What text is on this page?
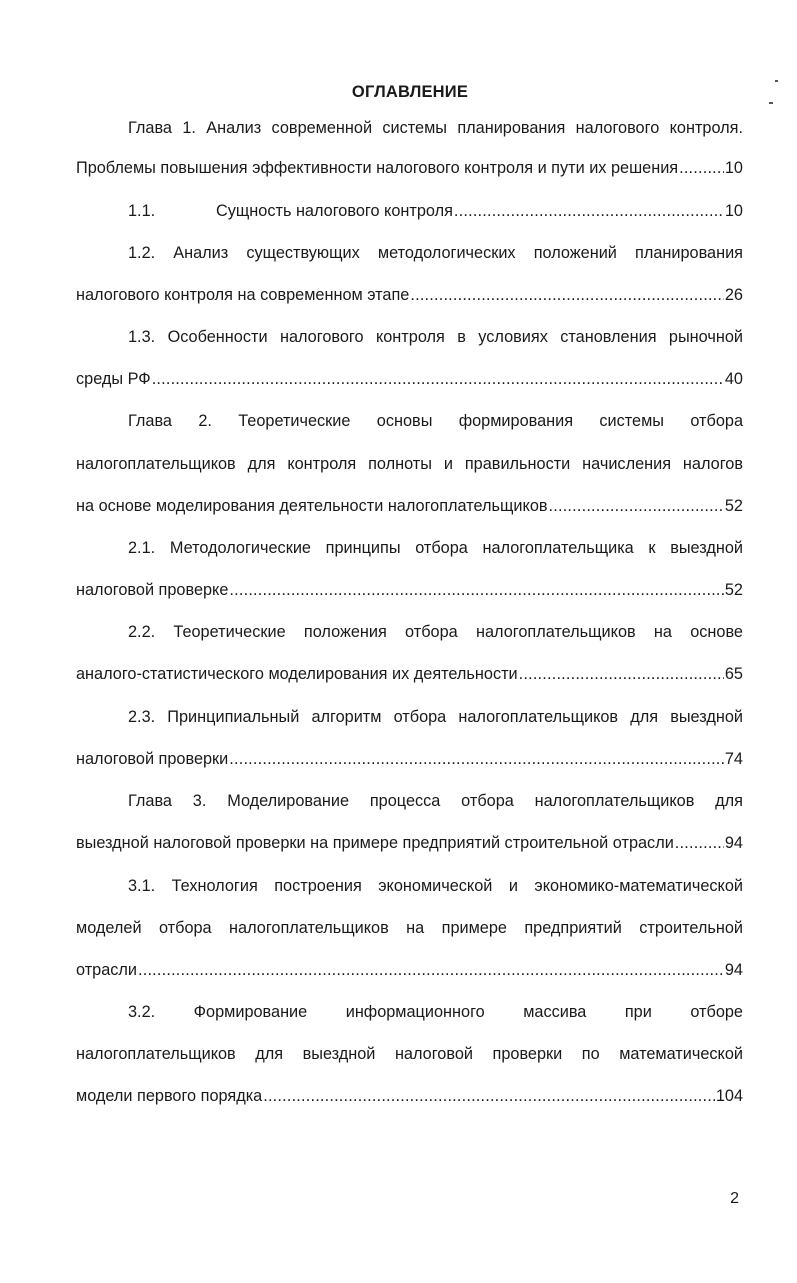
ОГЛАВЛЕНИЕ
Глава 1. Анализ современной системы планирования налогового контроля.
Проблемы повышения эффективности налогового контроля и пути их решения .....	10
1.1.	Сущность налогового контроля .....	10
1.2. Анализ существующих методологических положений планирования
налогового контроля на современном этапе .....	26
1.3. Особенности налогового контроля в условиях становления рыночной
среды РФ .....	40
Глава 2. Теоретические основы формирования системы отбора
налогоплательщиков для контроля полноты и правильности начисления налогов
на основе моделирования деятельности налогоплательщиков .....	52
2.1. Методологические принципы отбора налогоплательщика к выездной
налоговой проверке .....	52
2.2. Теоретические положения отбора налогоплательщиков на основе
аналого-статистического моделирования их деятельности .....	65
2.3. Принципиальный алгоритм отбора налогоплательщиков для выездной
налоговой проверки .....	74
Глава 3. Моделирование процесса отбора налогоплательщиков для
выездной налоговой проверки на примере предприятий строительной отрасли .....	94
3.1. Технология построения экономической и экономико-математической
моделей отбора налогоплательщиков на примере предприятий строительной
отрасли .....	94
3.2. Формирование информационного массива при отборе
налогоплательщиков для выездной налоговой проверки по математической
модели первого порядка .....	104
2
